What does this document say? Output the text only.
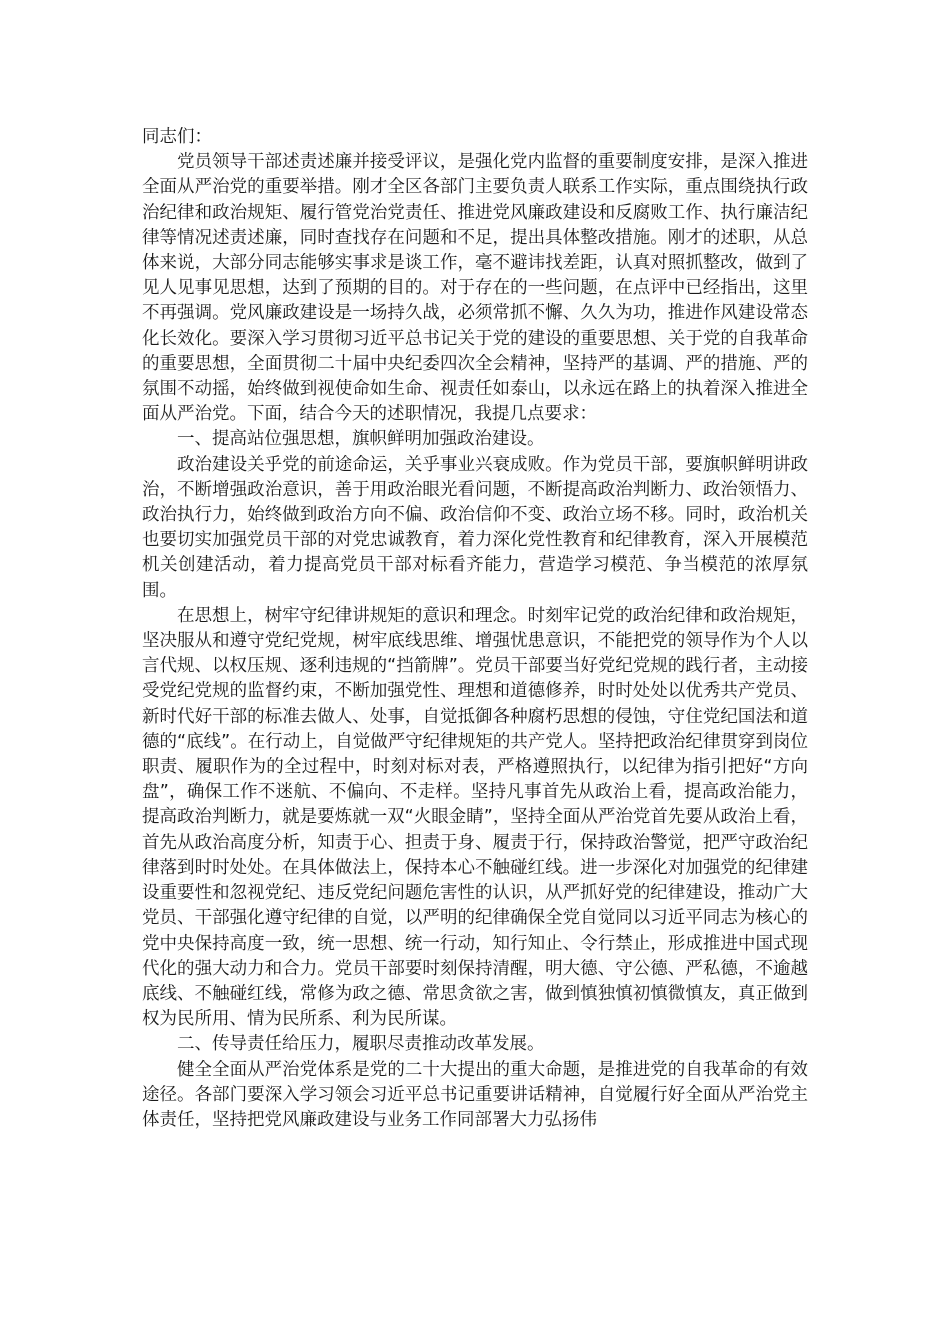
同志们：

党员领导干部述责述廉并接受评议，是强化党内监督的重要制度安排，是深入推进全面从严治党的重要举措。刚才全区各部门主要负责人联系工作实际，重点围绕执行政治纪律和政治规矩、履行管党治党责任、推进党风廉政建设和反腐败工作、执行廉洁纪律等情况述责述廉，同时查找存在问题和不足，提出具体整改措施。刚才的述职，从总体来说，大部分同志能够实事求是谈工作，毫不避讳找差距，认真对照抓整改，做到了见人见事见思想，达到了预期的目的。对于存在的一些问题，在点评中已经指出，这里不再强调。党风廉政建设是一场持久战，必须常抓不懈、久久为功，推进作风建设常态化长效化。要深入学习贯彻习近平总书记关于党的建设的重要思想、关于党的自我革命的重要思想，全面贯彻二十届中央纪委四次全会精神，坚持严的基调、严的措施、严的氛围不动摇，始终做到视使命如生命、视责任如泰山，以永远在路上的执着深入推进全面从严治党。下面，结合今天的述职情况，我提几点要求：

一、提高站位强思想，旗帜鲜明加强政治建设。

政治建设关乎党的前途命运，关乎事业兴衰成败。作为党员干部，要旗帜鲜明讲政治，不断增强政治意识，善于用政治眼光看问题，不断提高政治判断力、政治领悟力、政治执行力，始终做到政治方向不偏、政治信仰不变、政治立场不移。同时，政治机关也要切实加强党员干部的对党忠诚教育，着力深化党性教育和纪律教育，深入开展模范机关创建活动，着力提高党员干部对标看齐能力，营造学习模范、争当模范的浓厚氛围。

在思想上，树牢守纪律讲规矩的意识和理念。时刻牢记党的政治纪律和政治规矩，坚决服从和遵守党纪党规，树牢底线思维、增强忧患意识，不能把党的领导作为个人以言代规、以权压规、逐利违规的“挡箭牌”。党员干部要当好党纪党规的践行者，主动接受党纪党规的监督约束，不断加强党性、理想和道德修养，时时处处以优秀共产党员、新时代好干部的标准去做人、处事，自觉抵御各种腐朽思想的侵蚀，守住党纪国法和道德的“底线”。在行动上，自觉做严守纪律规矩的共产党人。坚持把政治纪律贯穿到岗位职责、履职作为的全过程中，时刻对标对表，严格遵照执行，以纪律为指引把好“方向盘”，确保工作不迷航、不偏向、不走样。坚持凡事首先从政治上看，提高政治能力，提高政治判断力，就是要炼就一双“火眼金睛”，坚持全面从严治党首先要从政治上看，首先从政治高度分析，知责于心、担责于身、履责于行，保持政治警觉，把严守政治纪律落到时时处处。在具体做法上，保持本心不触碰红线。进一步深化对加强党的纪律建设重要性和忽视党纪、违反党纪问题危害性的认识，从严抓好党的纪律建设，推动广大党员、干部强化遵守纪律的自觉，以严明的纪律确保全党自觉同以习近平同志为核心的党中央保持高度一致，统一思想、统一行动，知行知止、令行禁止，形成推进中国式现代化的强大动力和合力。党员干部要时刻保持清醒，明大德、守公德、严私德，不逾越底线、不触碰红线，常修为政之德、常思贪欲之害，做到慎独慎初慎微慎友，真正做到权为民所用、情为民所系、利为民所谋。

二、传导责任给压力，履职尽责推动改革发展。

健全全面从严治党体系是党的二十大提出的重大命题，是推进党的自我革命的有效途径。各部门要深入学习领会习近平总书记重要讲话精神，自觉履行好全面从严治党主体责任，坚持把党风廉政建设与业务工作同部署大力弘扬伟
